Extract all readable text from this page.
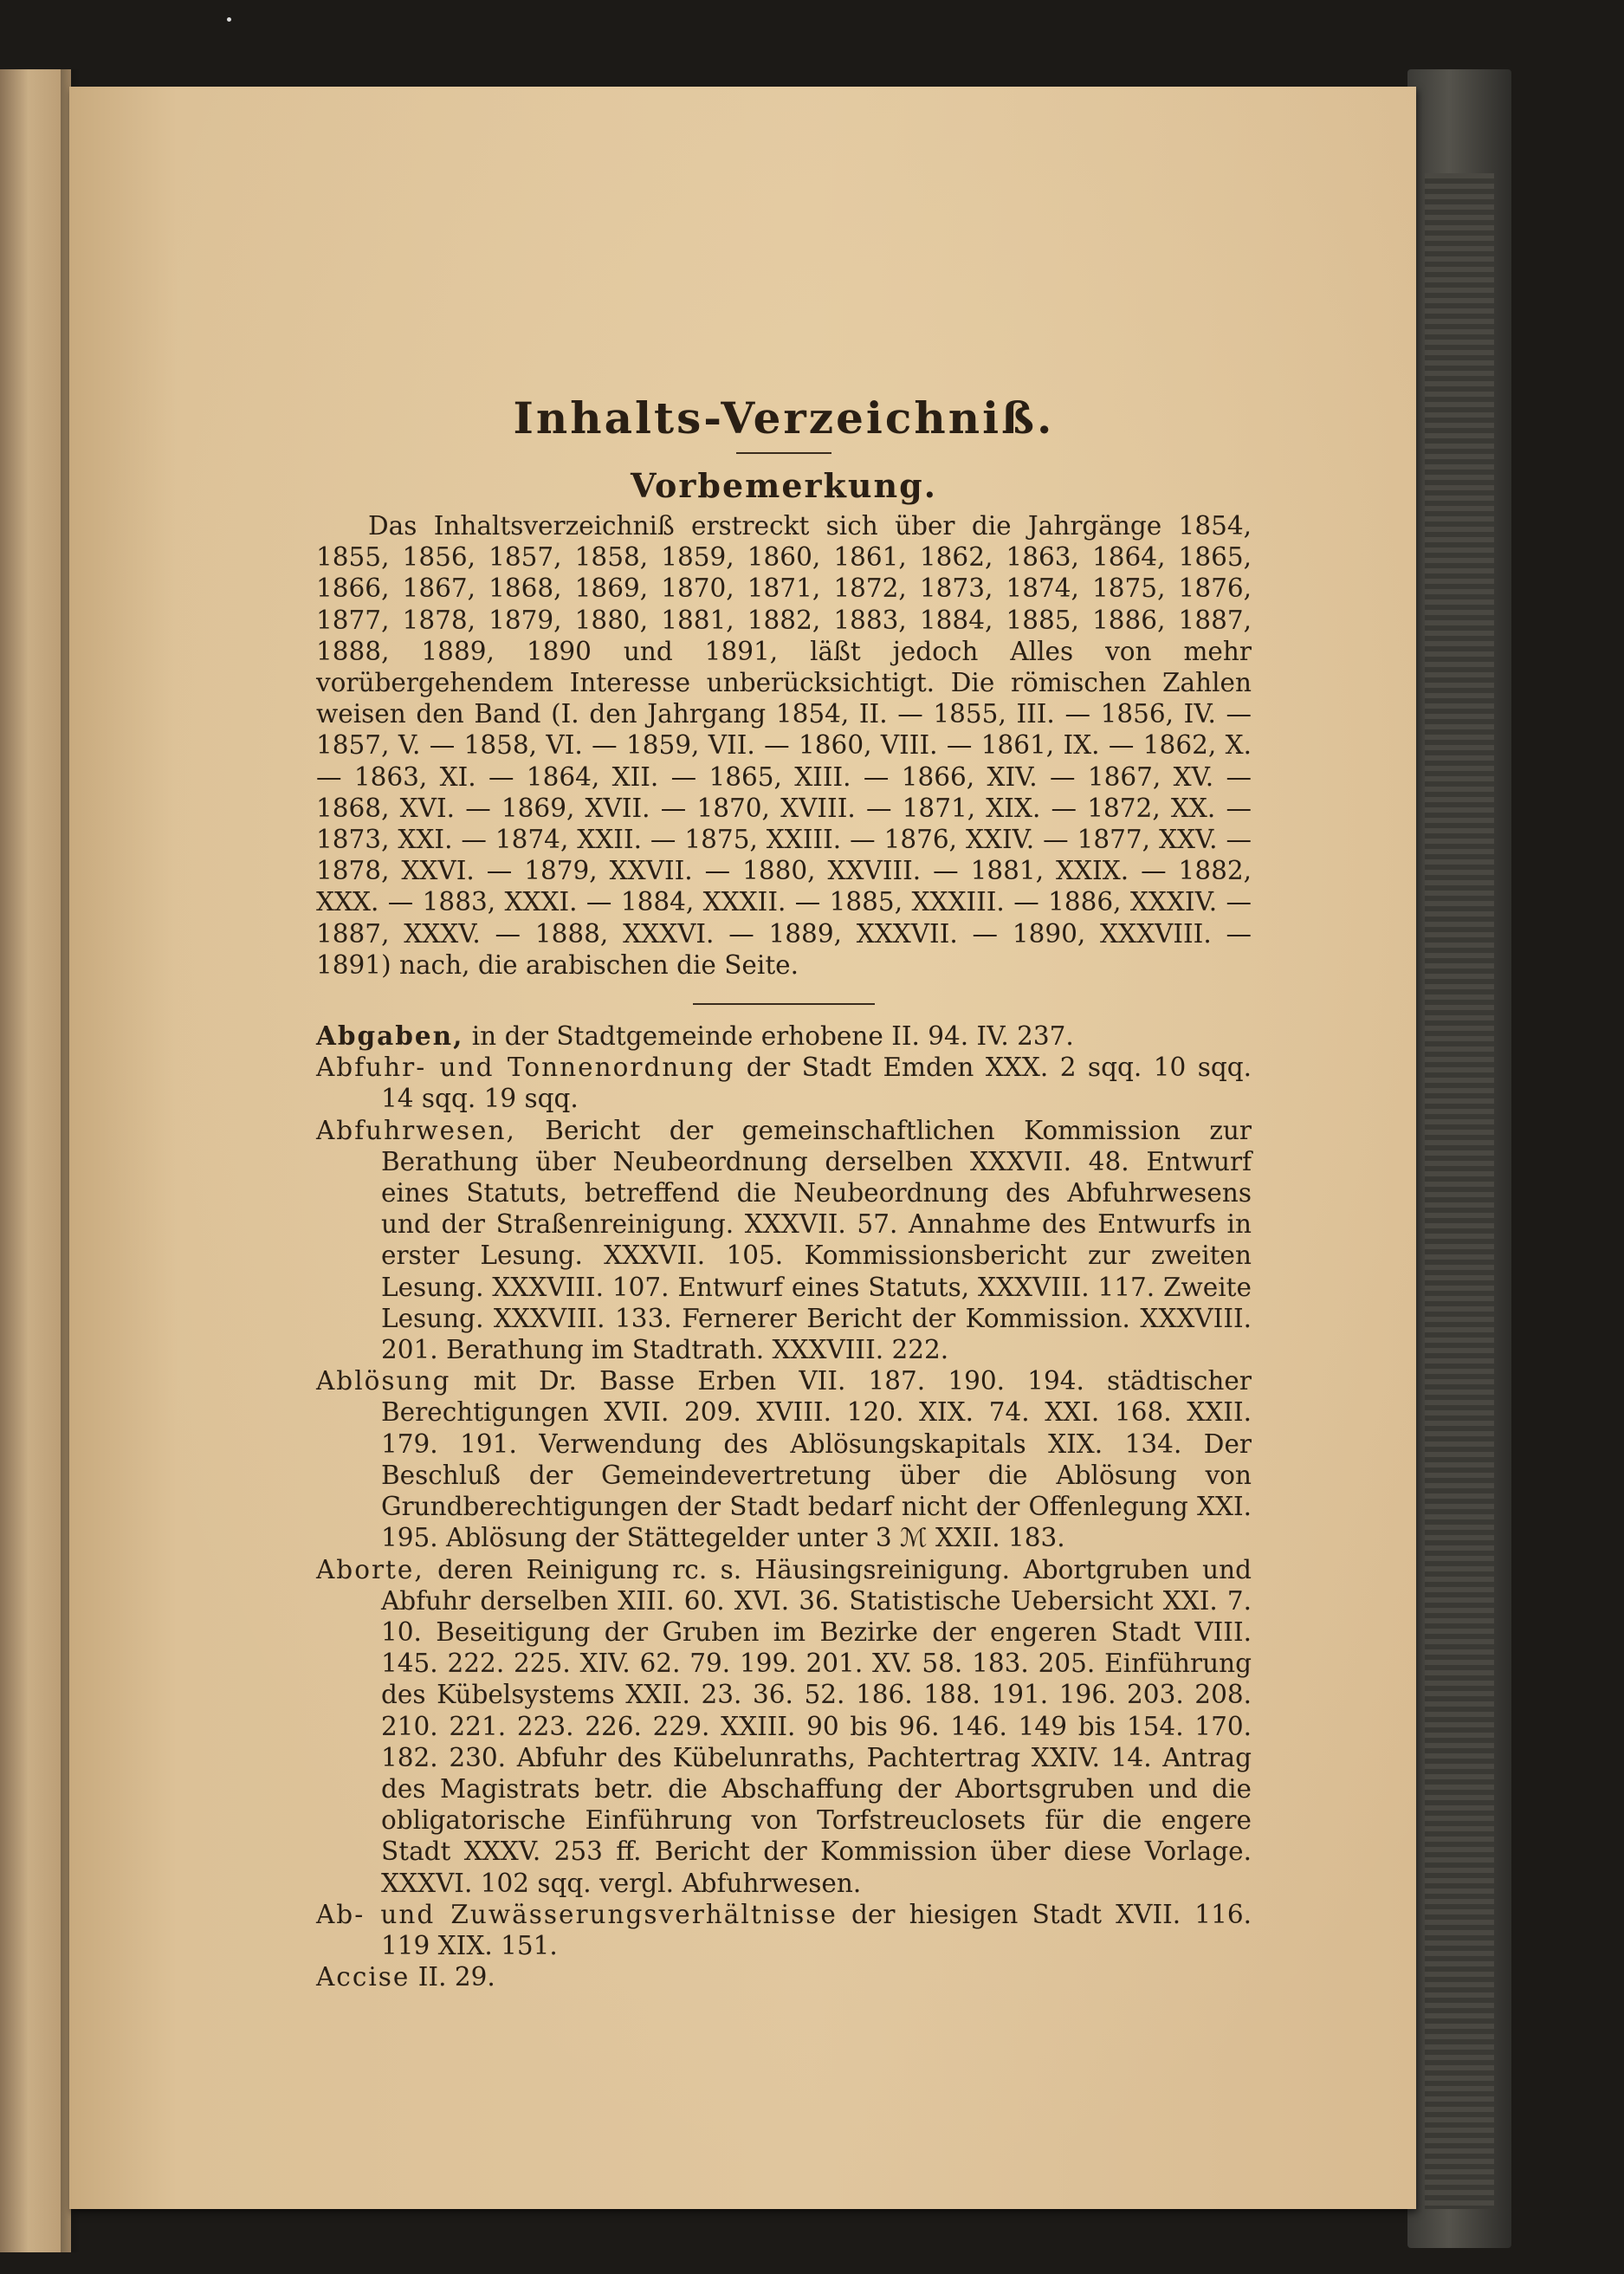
Inhalts-Verzeichniß.
Vorbemerkung.

Das Inhaltsverzeichniß erstreckt sich über die Jahrgänge 1854, 1855, 1856, 1857, 1858, 1859, 1860, 1861, 1862, 1863, 1864, 1865, 1866, 1867, 1868, 1869, 1870, 1871, 1872, 1873, 1874, 1875, 1876, 1877, 1878, 1879, 1880, 1881, 1882, 1883, 1884, 1885, 1886, 1887, 1888, 1889, 1890 und 1891, läßt jedoch Alles von mehr vorübergehendem Interesse unberücksichtigt. Die römischen Zahlen weisen den Band (I. den Jahrgang 1854, II. — 1855, III. — 1856, IV. — 1857, V. — 1858, VI. — 1859, VII. — 1860, VIII. — 1861, IX. — 1862, X. — 1863, XI. — 1864, XII. — 1865, XIII. — 1866, XIV. — 1867, XV. — 1868, XVI. — 1869, XVII. — 1870, XVIII. — 1871, XIX. — 1872, XX. — 1873, XXI. — 1874, XXII. — 1875, XXIII. — 1876, XXIV. — 1877, XXV. — 1878, XXVI. — 1879, XXVII. — 1880, XXVIII. — 1881, XXIX. — 1882, XXX. — 1883, XXXI. — 1884, XXXII. — 1885, XXXIII. — 1886, XXXIV. — 1887, XXXV. — 1888, XXXVI. — 1889, XXXVII. — 1890, XXXVIII. — 1891) nach, die arabischen die Seite.

Abgaben, in der Stadtgemeinde erhobene II. 94. IV. 237.

Abfuhr- und Tonnenordnung der Stadt Emden XXX. 2 sqq. 10 sqq. 14 sqq. 19 sqq.

Abfuhrwesen, Bericht der gemeinschaftlichen Kommission zur Berathung über Neubeordnung derselben XXXVII. 48. Entwurf eines Statuts, betreffend die Neubeordnung des Abfuhrwesens und der Straßenreinigung. XXXVII. 57. Annahme des Entwurfs in erster Lesung. XXXVII. 105. Kommissionsbericht zur zweiten Lesung. XXXVIII. 107. Entwurf eines Statuts, XXXVIII. 117. Zweite Lesung. XXXVIII. 133. Fernerer Bericht der Kommission. XXXVIII. 201. Berathung im Stadtrath. XXXVIII. 222.

Ablösung mit Dr. Basse Erben VII. 187. 190. 194. städtischer Berechtigungen XVII. 209. XVIII. 120. XIX. 74. XXI. 168. XXII. 179. 191. Verwendung des Ablösungskapitals XIX. 134. Der Beschluß der Gemeindevertretung über die Ablösung von Grundberechtigungen der Stadt bedarf nicht der Offenlegung XXI. 195. Ablösung der Stättegelder unter 3 ℳ XXII. 183.

Aborte, deren Reinigung rc. s. Häusingsreinigung. Abortgruben und Abfuhr derselben XIII. 60. XVI. 36. Statistische Uebersicht XXI. 7. 10. Beseitigung der Gruben im Bezirke der engeren Stadt VIII. 145. 222. 225. XIV. 62. 79. 199. 201. XV. 58. 183. 205. Einführung des Kübelsystems XXII. 23. 36. 52. 186. 188. 191. 196. 203. 208. 210. 221. 223. 226. 229. XXIII. 90 bis 96. 146. 149 bis 154. 170. 182. 230. Abfuhr des Kübelunraths, Pachtertrag XXIV. 14. Antrag des Magistrats betr. die Abschaffung der Abortsgruben und die obligatorische Einführung von Torfstreuclosets für die engere Stadt XXXV. 253 ff. Bericht der Kommission über diese Vorlage. XXXVI. 102 sqq. vergl. Abfuhrwesen.

Ab- und Zuwässerungsverhältnisse der hiesigen Stadt XVII. 116. 119 XIX. 151.

Accise II. 29.
